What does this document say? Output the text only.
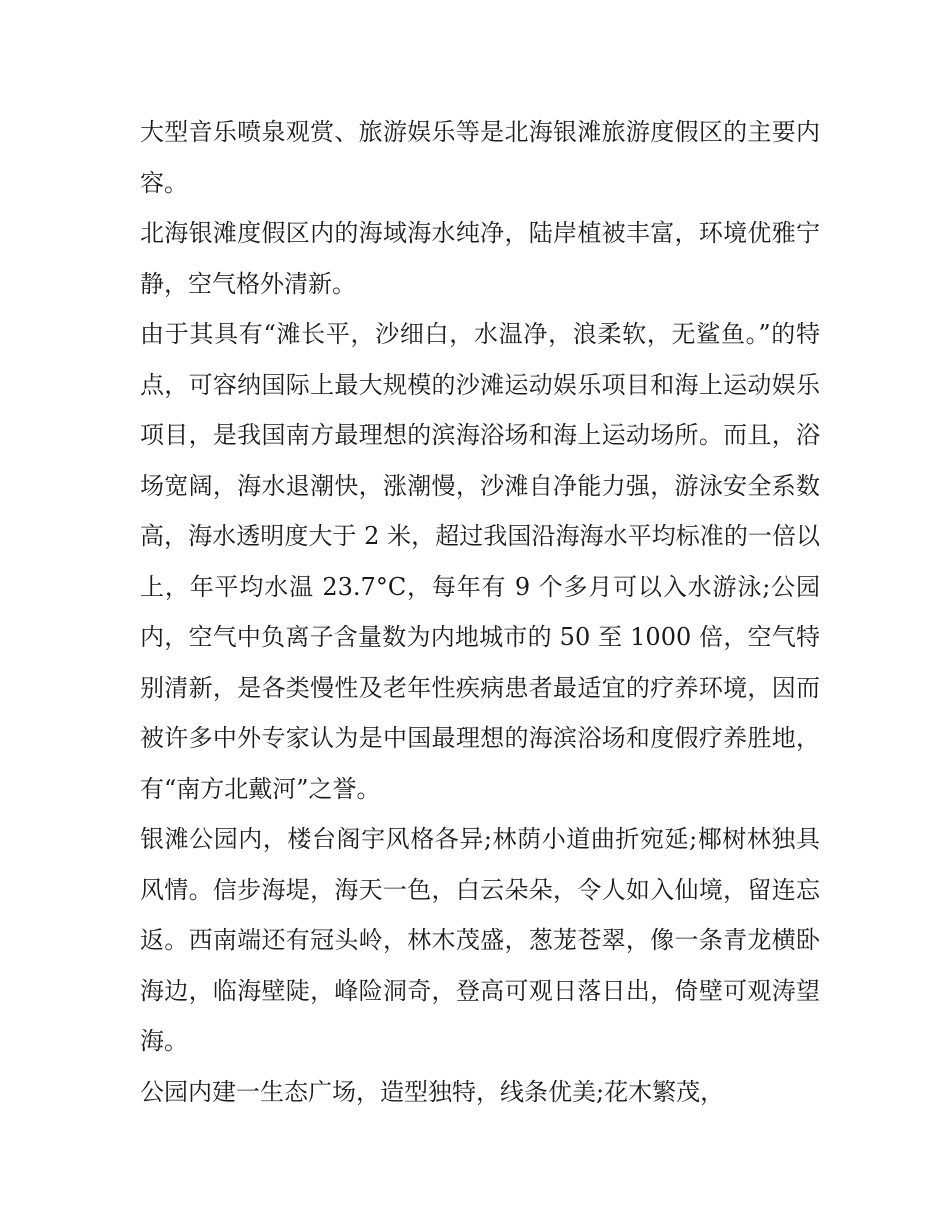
大型音乐喷泉观赏、旅游娱乐等是北海银滩旅游度假区的主要内容。

北海银滩度假区内的海域海水纯净，陆岸植被丰富，环境优雅宁静，空气格外清新。

由于其具有“滩长平，沙细白，水温净，浪柔软，无鲨鱼。”的特点，可容纳国际上最大规模的沙滩运动娱乐项目和海上运动娱乐项目，是我国南方最理想的滨海浴场和海上运动场所。而且，浴场宽阔，海水退潮快，涨潮慢，沙滩自净能力强，游泳安全系数高，海水透明度大于 2 米，超过我国沿海海水平均标准的一倍以上，年平均水温 23.7°C，每年有 9 个多月可以入水游泳;公园内，空气中负离子含量数为内地城市的 50 至 1000 倍，空气特别清新，是各类慢性及老年性疾病患者最适宜的疗养环境，因而被许多中外专家认为是中国最理想的海滨浴场和度假疗养胜地，有“南方北戴河”之誉。

银滩公园内，楼台阁宇风格各异;林荫小道曲折宛延;椰树林独具风情。信步海堤，海天一色，白云朵朵，令人如入仙境，留连忘返。西南端还有冠头岭，林木茂盛，葱茏苍翠，像一条青龙横卧海边，临海壁陡，峰险洞奇，登高可观日落日出，倚壁可观涛望海。

公园内建一生态广场，造型独特，线条优美;花木繁茂，
